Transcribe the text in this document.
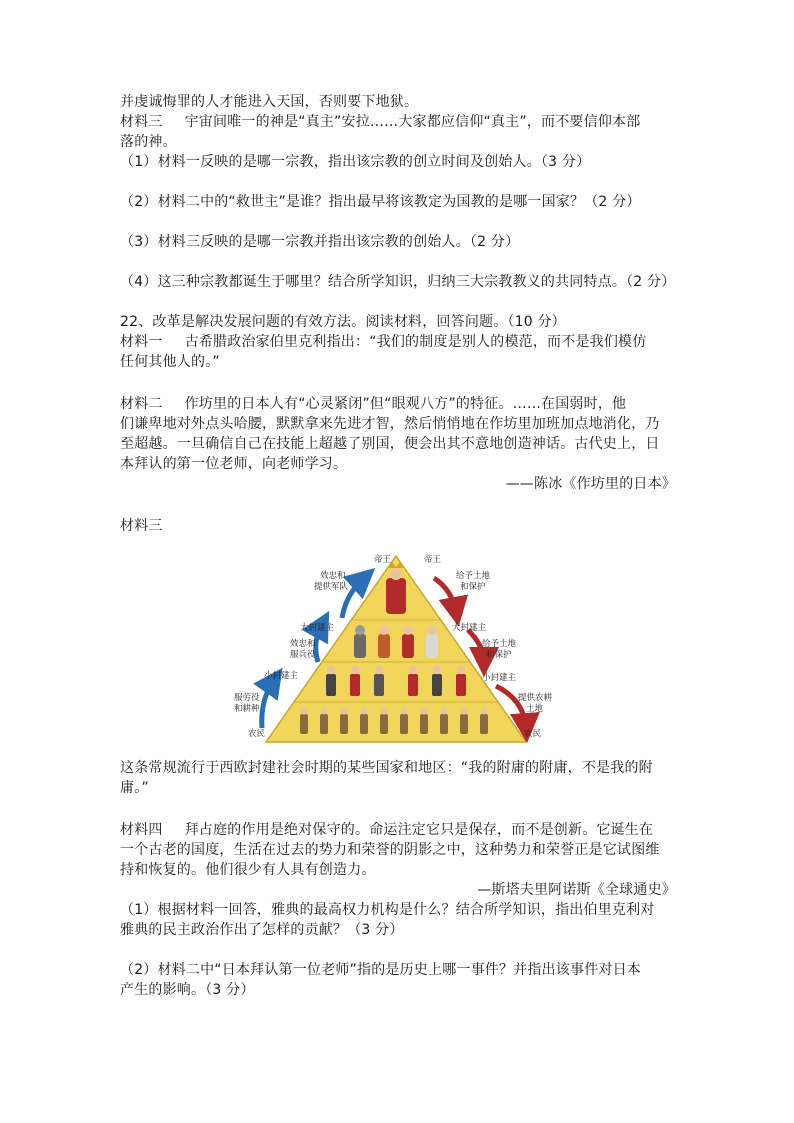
并虔诚悔罪的人才能进入天国，否则要下地狱。

材料三 宇宙间唯一的神是“真主”安拉……大家都应信仰“真主”，而不要信仰本部

落的神。

（1）材料一反映的是哪一宗教，指出该宗教的创立时间及创始人。（3 分）

（2）材料二中的“救世主”是谁？指出最早将该教定为国教的是哪一国家？（2 分）

（3）材料三反映的是哪一宗教并指出该宗教的创始人。（2 分）

（4）这三种宗教都诞生于哪里？结合所学知识，归纳三大宗教教义的共同特点。（2 分）

22、改革是解决发展问题的有效方法。阅读材料，回答问题。（10 分）

材料一 古希腊政治家伯里克利指出：“我们的制度是别人的模范，而不是我们模仿

任何其他人的。”

材料二 作坊里的日本人有“心灵紧闭”但“眼观八方”的特征。……在国弱时，他

们谦卑地对外点头哈腰，默默拿来先进才智，然后悄悄地在作坊里加班加点地消化，乃

至超越。一旦确信自己在技能上超越了别国，便会出其不意地创造神话。古代史上，日

本拜认的第一位老师，向老师学习。

——陈冰《作坊里的日本》

材料三

帝王
效忠和
提供军队
大封建主
效忠和
服兵役
小封建主
服劳役
和耕种
农民
帝王
给予土地
和保护
大封建主
给予土地
和保护
小封建主
提供农耕
土地
农民

这条常规流行于西欧封建社会时期的某些国家和地区：“我的附庸的附庸，不是我的附

庸。”

材料四 拜占庭的作用是绝对保守的。命运注定它只是保存，而不是创新。它诞生在

一个古老的国度，生活在过去的势力和荣誉的阴影之中，这种势力和荣誉正是它试图维

持和恢复的。他们很少有人具有创造力。

—斯塔夫里阿诺斯《全球通史》

（1）根据材料一回答，雅典的最高权力机构是什么？结合所学知识，指出伯里克利对

雅典的民主政治作出了怎样的贡献？（3 分）

（2）材料二中“日本拜认第一位老师”指的是历史上哪一事件？并指出该事件对日本

产生的影响。（3 分）
